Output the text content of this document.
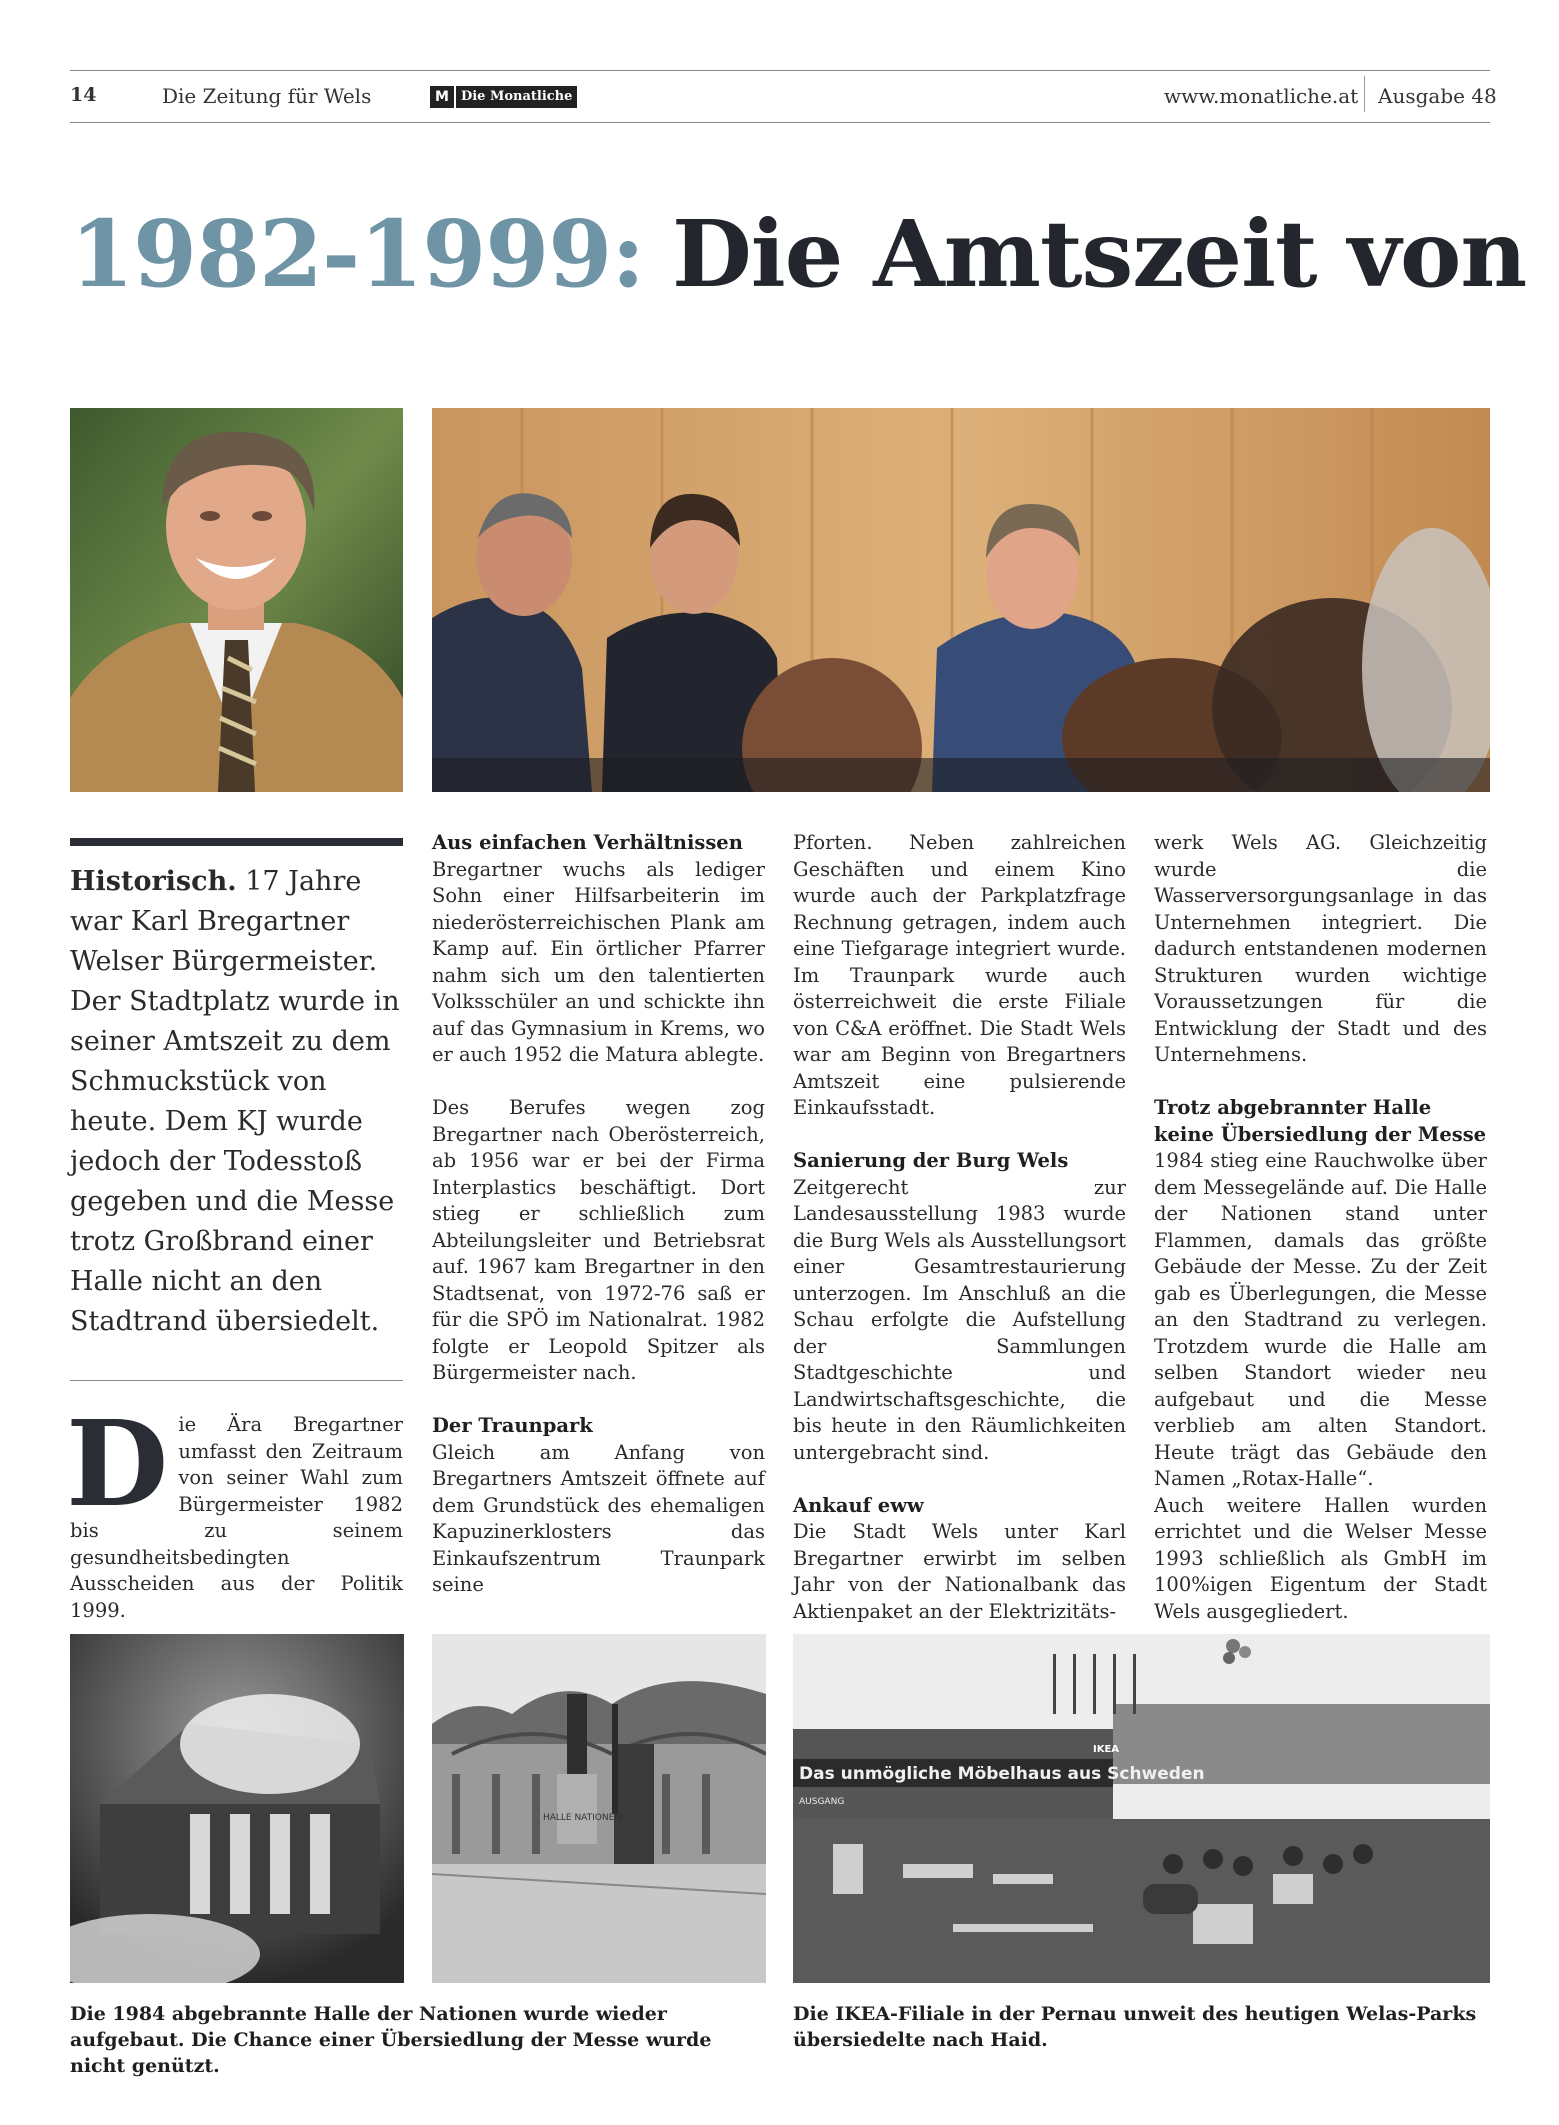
14	Die Zeitung für Wels	M Die Monatliche	www.monatliche.at Ausgabe 48
1982-1999: Die Amtszeit von
Historisch. 17 Jahre war Karl Bregartner Welser Bürgermeister. Der Stadtplatz wurde in seiner Amtszeit zu dem Schmuckstück von heute. Dem KJ wurde jedoch der Todesstoß gegeben und die Messe trotz Großbrand einer Halle nicht an den Stadtrand übersiedelt.
Die Ära Bregartner umfasst den Zeitraum von seiner Wahl zum Bürgermeister 1982 bis zu seinem gesundheitsbedingten Ausscheiden aus der Politik 1999.
Aus einfachen Verhältnissen

Bregartner wuchs als lediger Sohn einer Hilfsarbeiterin im niederösterreichischen Plank am Kamp auf. Ein örtlicher Pfarrer nahm sich um den talentierten Volksschüler an und schickte ihn auf das Gymnasium in Krems, wo er auch 1952 die Matura ablegte.

Des Berufes wegen zog Bregartner nach Oberösterreich, ab 1956 war er bei der Firma Interplastics beschäftigt. Dort stieg er schließlich zum Abteilungsleiter und Betriebsrat auf. 1967 kam Bregartner in den Stadtsenat, von 1972-76 saß er für die SPÖ im Nationalrat. 1982 folgte er Leopold Spitzer als Bürgermeister nach.

Der Traunpark

Gleich am Anfang von Bregartners Amtszeit öffnete auf dem Grundstück des ehemaligen Kapuzinerklosters das Einkaufszentrum Traunpark seine

Pforten. Neben zahlreichen Geschäften und einem Kino wurde auch der Parkplatzfrage Rechnung getragen, indem auch eine Tiefgarage integriert wurde. Im Traunpark wurde auch österreichweit die erste Filiale von C&A eröffnet. Die Stadt Wels war am Beginn von Bregartners Amtszeit eine pulsierende Einkaufsstadt.

Sanierung der Burg Wels

Zeitgerecht zur Landesausstellung 1983 wurde die Burg Wels als Ausstellungsort einer Gesamtrestaurierung unterzogen. Im Anschluß an die Schau erfolgte die Aufstellung der Sammlungen Stadtgeschichte und Landwirtschaftsgeschichte, die bis heute in den Räumlichkeiten untergebracht sind.

Ankauf eww

Die Stadt Wels unter Karl Bregartner erwirbt im selben Jahr von der Nationalbank das Aktienpaket an der Elektrizitäts-

werk Wels AG. Gleichzeitig wurde die Wasserversorgungsanlage in das Unternehmen integriert. Die dadurch entstandenen modernen Strukturen wurden wichtige Voraussetzungen für die Entwicklung der Stadt und des Unternehmens.

Trotz abgebrannter Halle keine Übersiedlung der Messe

1984 stieg eine Rauchwolke über dem Messegelände auf. Die Halle der Nationen stand unter Flammen, damals das größte Gebäude der Messe. Zu der Zeit gab es Überlegungen, die Messe an den Stadtrand zu verlegen. Trotzdem wurde die Halle am selben Standort wieder neu aufgebaut und die Messe verblieb am alten Standort. Heute trägt das Gebäude den Namen „Rotax-Halle“.

Auch weitere Hallen wurden errichtet und die Welser Messe 1993 schließlich als GmbH im 100%igen Eigentum der Stadt Wels ausgegliedert.

HALLE NATIONEN
Das unmögliche Möbelhaus aus Schweden
IKEA
AUSGANG
Die 1984 abgebrannte Halle der Nationen wurde wieder aufgebaut. Die Chance einer Übersiedlung der Messe wurde nicht genützt.
Die IKEA-Filiale in der Pernau unweit des heutigen Welas-Parks übersiedelte nach Haid.
